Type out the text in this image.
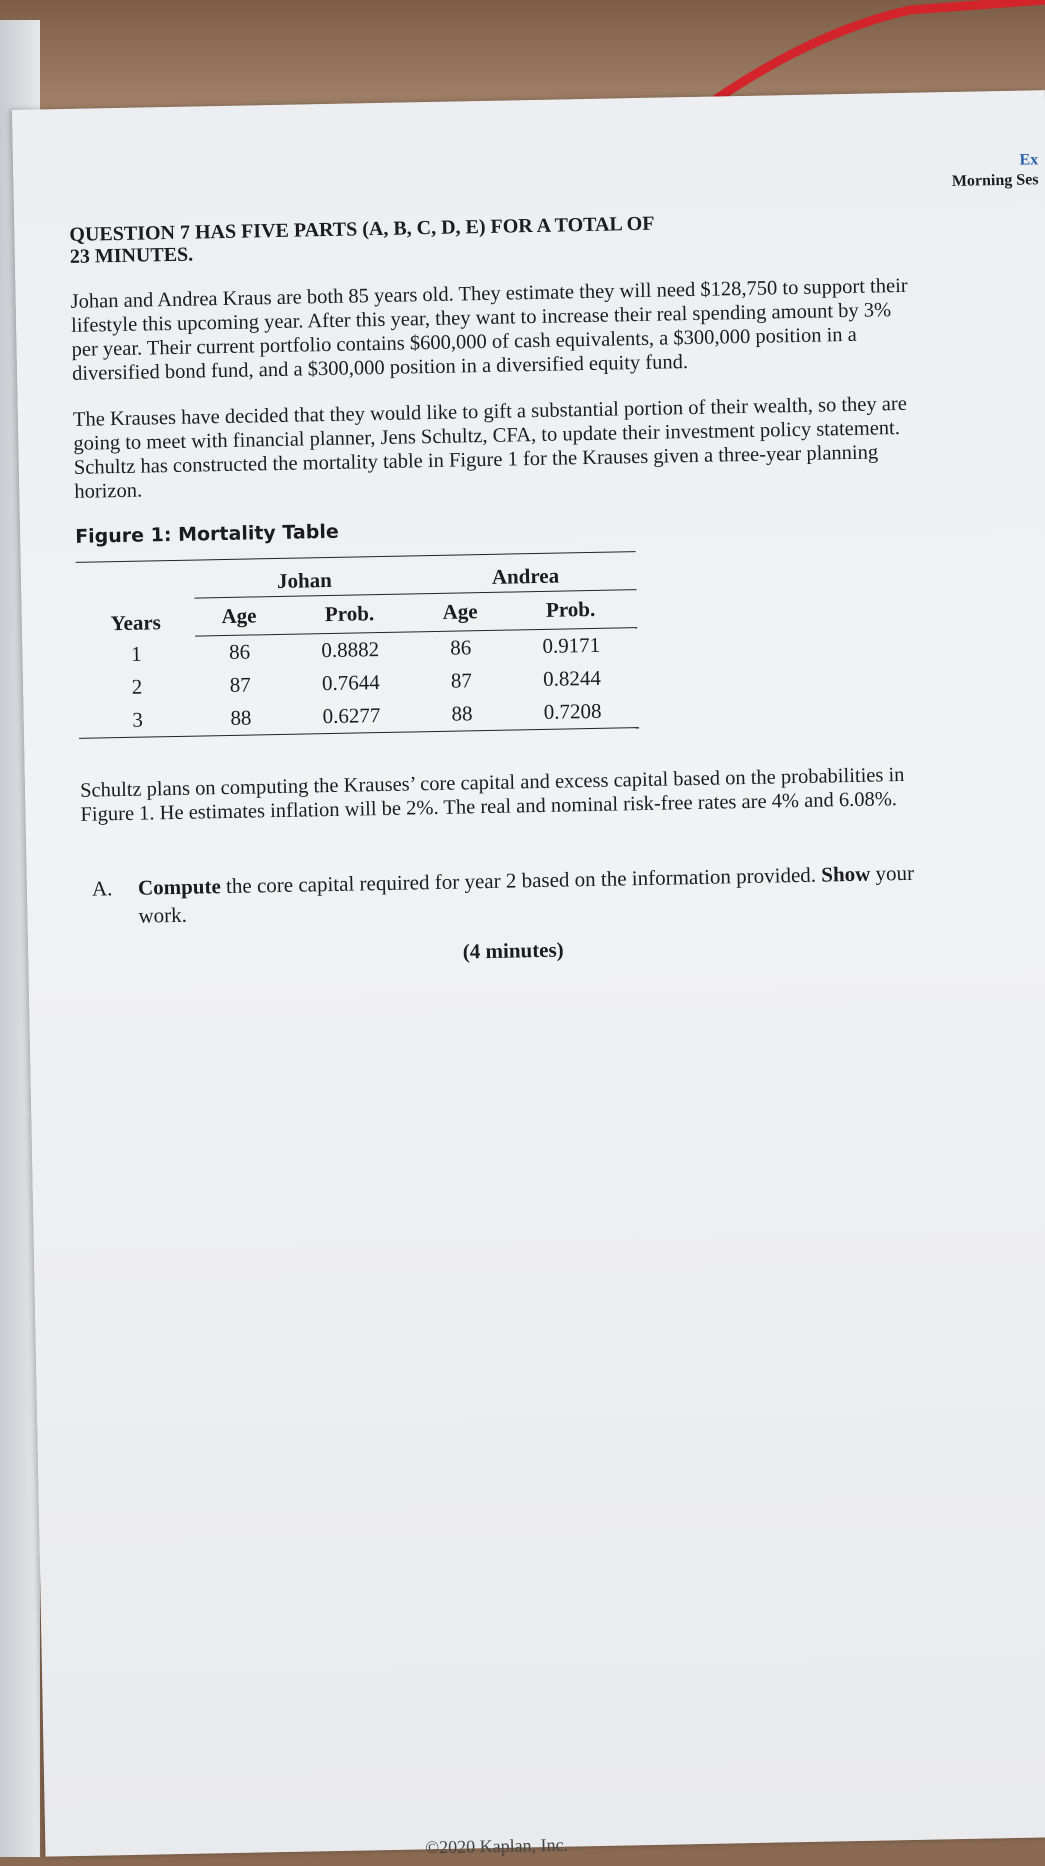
Ex
Morning Ses
QUESTION 7 HAS FIVE PARTS (A, B, C, D, E) FOR A TOTAL OF
23 MINUTES.

Johan and Andrea Kraus are both 85 years old. They estimate they will need $128,750 to support their lifestyle this upcoming year. After this year, they want to increase their real spending amount by 3% per year. Their current portfolio contains $600,000 of cash equivalents, a $300,000 position in a diversified bond fund, and a $300,000 position in a diversified equity fund.

The Krauses have decided that they would like to gift a substantial portion of their wealth, so they are going to meet with financial planner, Jens Schultz, CFA, to update their investment policy statement. Schultz has constructed the mortality table in Figure 1 for the Krauses given a three-year planning horizon.

Figure 1: Mortality Table

Years	Johan		Andrea	
	Age	Prob.	Age	Prob.
1	86	0.8882	86	0.9171
2	87	0.7644	87	0.8244
3	88	0.6277	88	0.7208

Schultz plans on computing the Krauses’ core capital and excess capital based on the probabilities in Figure 1. He estimates inflation will be 2%. The real and nominal risk-free rates are 4% and 6.08%.

A.	Compute the core capital required for year 2 based on the information provided. Show your work.
(4 minutes)
©2020 Kaplan, Inc.
